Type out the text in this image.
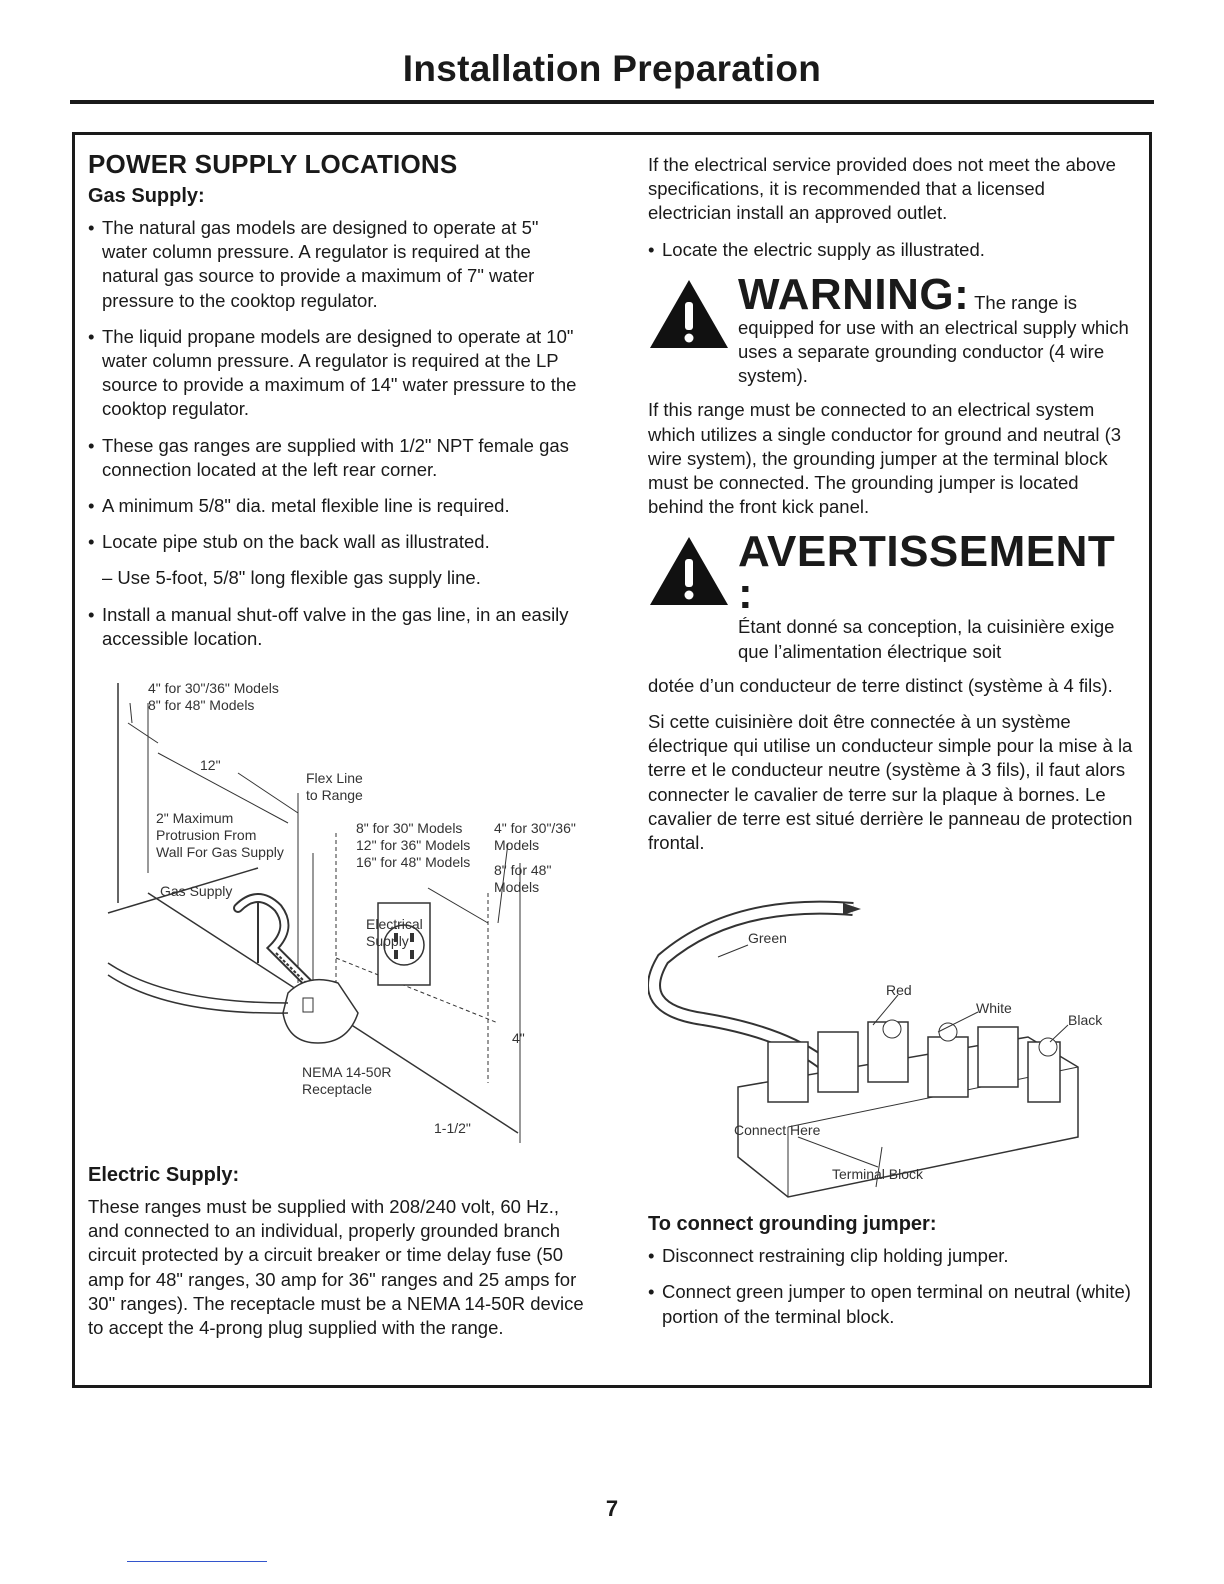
Installation Preparation
POWER SUPPLY LOCATIONS
Gas Supply:
• The natural gas models are designed to operate at 5" water column pressure. A regulator is required at the natural gas source to provide a maximum of 7" water pressure to the cooktop regulator.
• The liquid propane models are designed to operate at 10" water column pressure. A regulator is required at the LP source to provide a maximum of 14" water pressure to the cooktop regulator.
• These gas ranges are supplied with 1/2" NPT female gas connection located at the left rear corner.
• A minimum 5/8" dia. metal flexible line is required.
• Locate pipe stub on the back wall as illustrated.
– Use 5-foot, 5/8" long flexible gas supply line.
• Install a manual shut-off valve in the gas line, in an easily accessible location.
4" for 30"/36" Models
8" for 48" Models
12"
Flex Line
to Range
2" Maximum
Protrusion From
Wall For Gas Supply
Gas Supply
8" for 30" Models
12" for 36" Models
16" for 48" Models
4" for 30"/36"
Models
8" for 48"
Models
Electrical
Supply
NEMA 14-50R
Receptacle
4"
1-1/2"
Electric Supply:

These ranges must be supplied with 208/240 volt, 60 Hz., and connected to an individual, properly grounded branch circuit protected by a circuit breaker or time delay fuse (50 amp for 48" ranges, 30 amp for 36" ranges and 25 amps for 30" ranges). The receptacle must be a NEMA 14-50R device to accept the 4-prong plug supplied with the range.

If the electrical service provided does not meet the above specifications, it is recommended that a licensed electrician install an approved outlet.

• Locate the electric supply as illustrated.
WARNING: The range is
equipped for use with an electrical supply which uses a separate grounding conductor (4 wire system).

If this range must be connected to an electrical system which utilizes a single conductor for ground and neutral (3 wire system), the grounding jumper at the terminal block must be connected. The grounding jumper is located behind the front kick panel.

AVERTISSEMENT :
Étant donné sa conception, la cuisinière exige que l’alimentation électrique soit

dotée d’un conducteur de terre distinct (système à 4 fils).

Si cette cuisinière doit être connectée à un système électrique qui utilise un conducteur simple pour la mise à la terre et le conducteur neutre (système à 3 fils), il faut alors connecter le cavalier de terre sur la plaque à bornes. Le cavalier de terre est situé derrière le panneau de protection frontal.

Green
Red
White
Black
Connect Here
Terminal Block
To connect grounding jumper:
• Disconnect restraining clip holding jumper.
• Connect green jumper to open terminal on neutral (white) portion of the terminal block.
7
